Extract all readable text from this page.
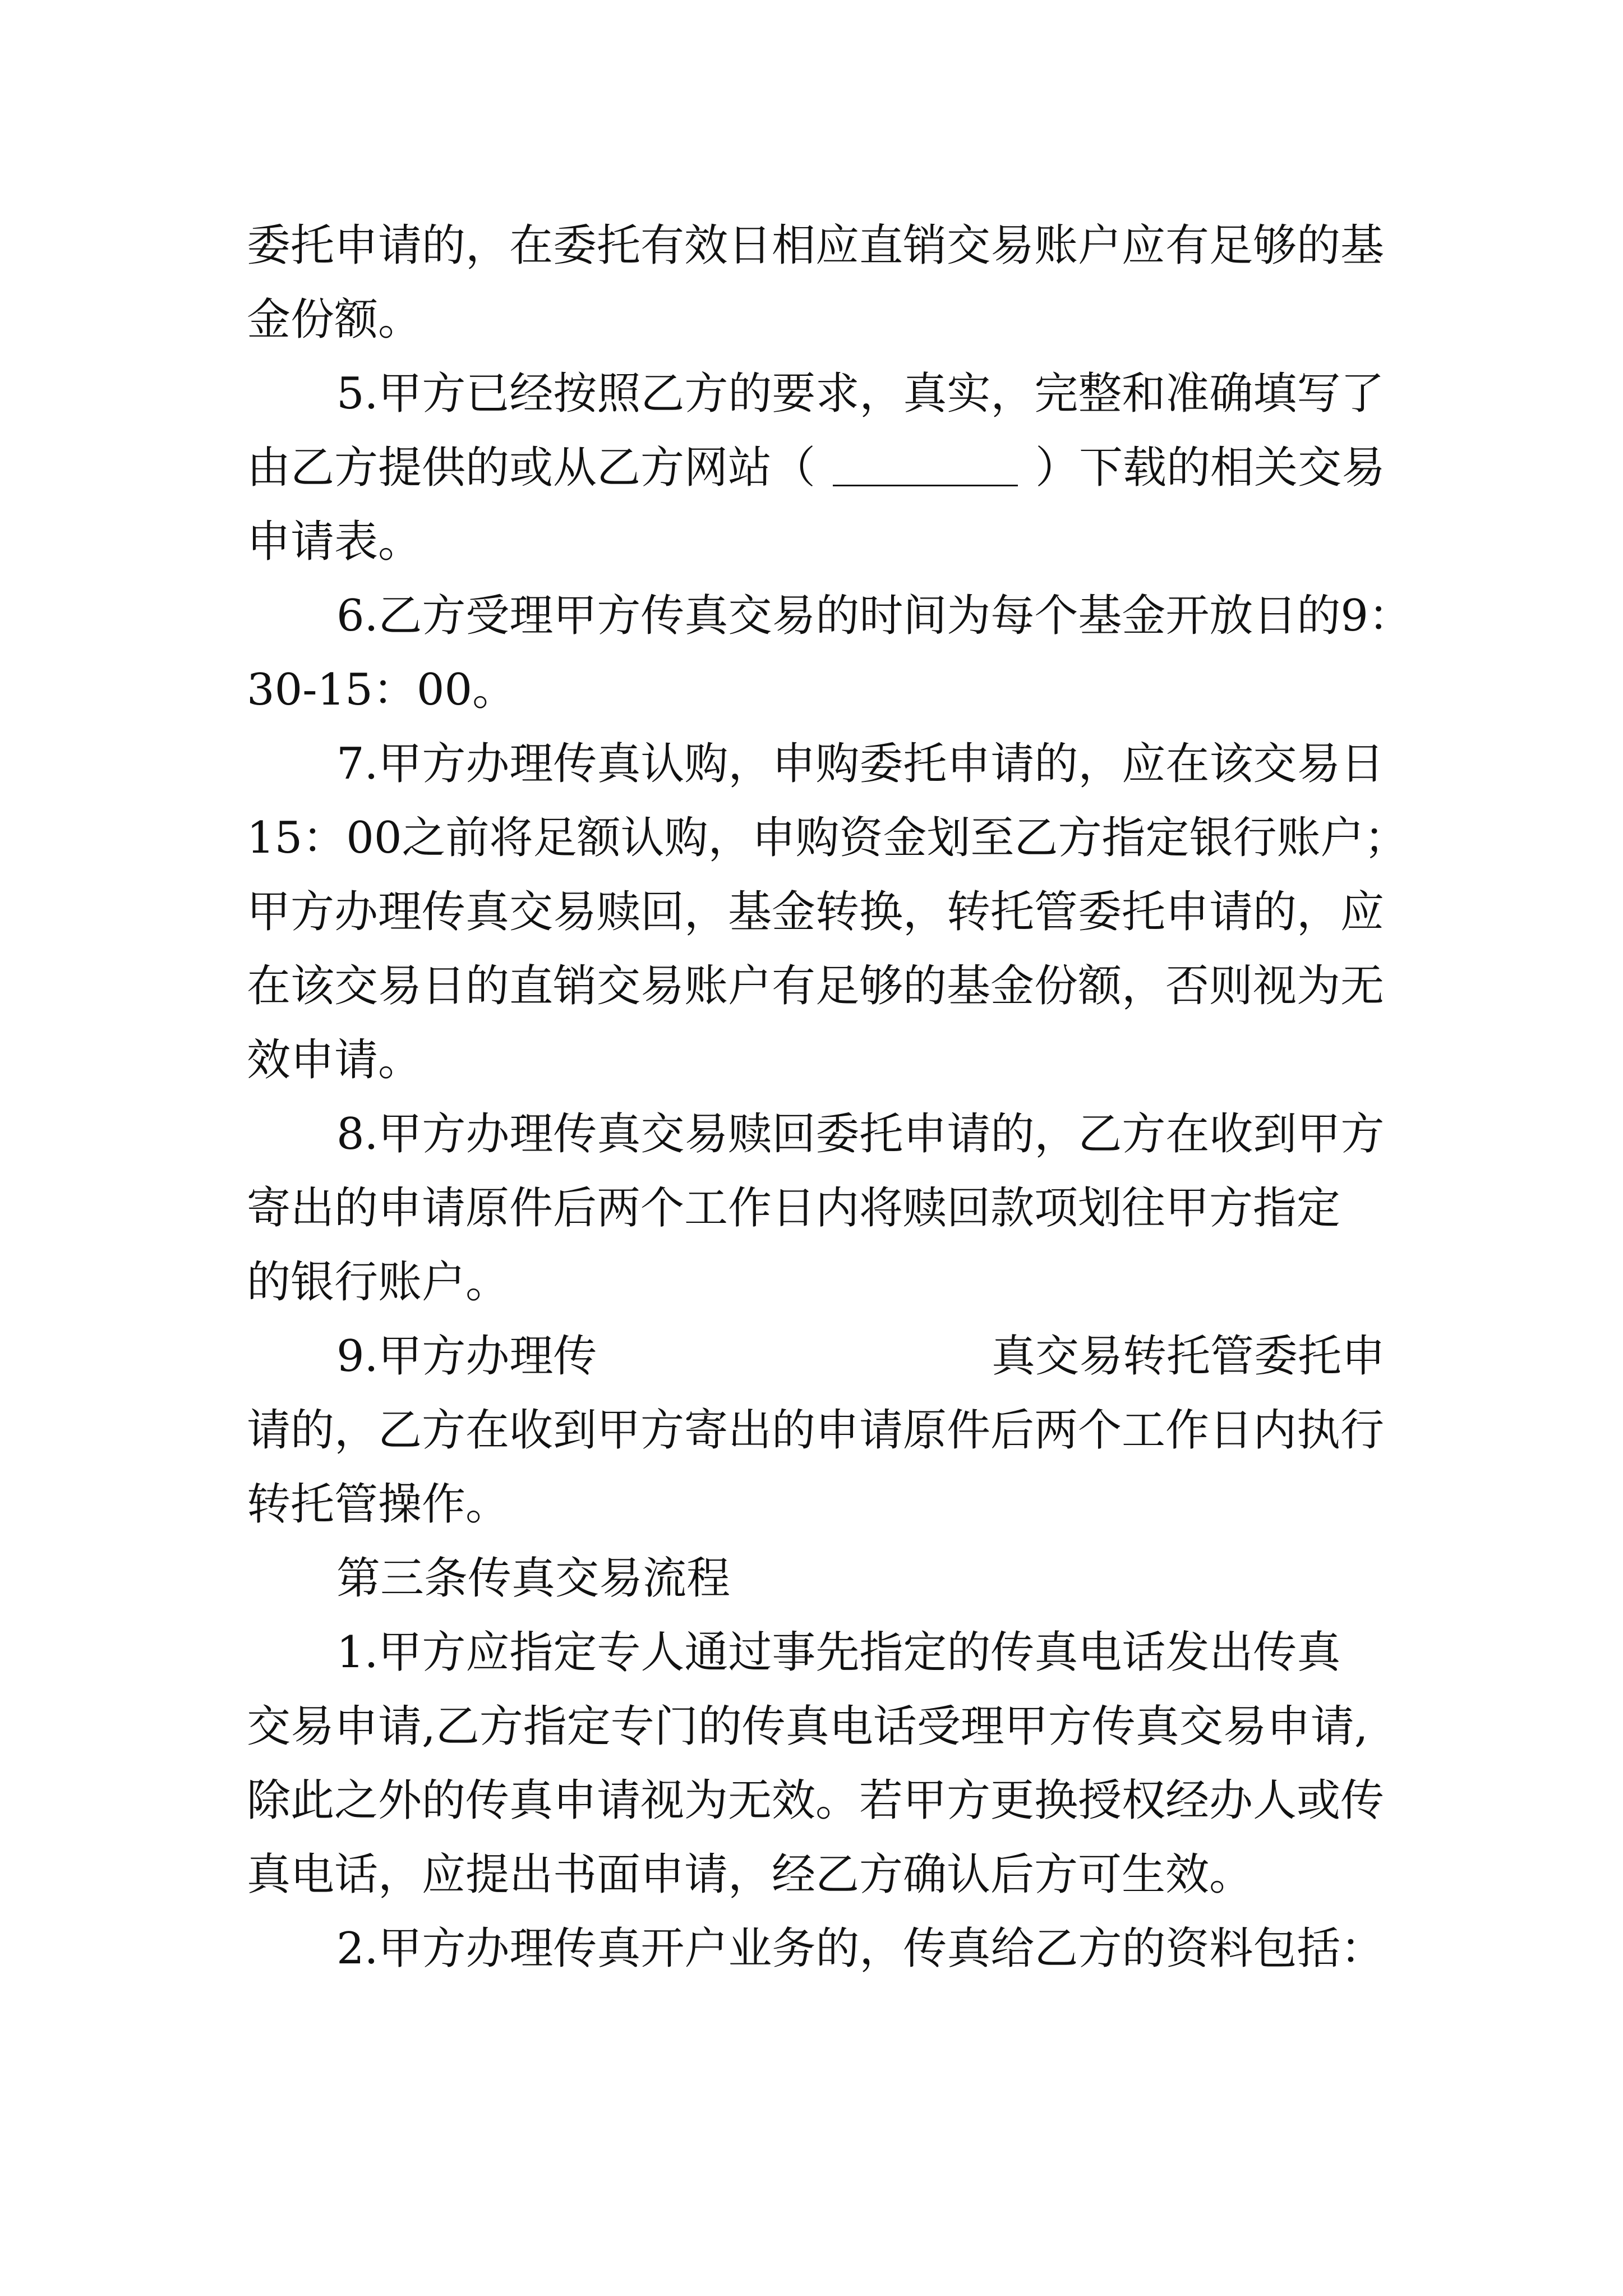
委托申请的，在委托有效日相应直销交易账户应有足够的基
金份额。
5.甲方已经按照乙方的要求，真实，完整和准确填写了
由乙方提供的或从乙方网站（	）下载的相关交易
申请表。
6.乙方受理甲方传真交易的时间为每个基金开放日的9：
30-15：00。
7.甲方办理传真认购，申购委托申请的，应在该交易日
15：00之前将足额认购，申购资金划至乙方指定银行账户；
甲方办理传真交易赎回，基金转换，转托管委托申请的，应
在该交易日的直销交易账户有足够的基金份额，否则视为无
效申请。
8.甲方办理传真交易赎回委托申请的，乙方在收到甲方
寄出的申请原件后两个工作日内将赎回款项划往甲方指定
的银行账户。
9.甲方办理传	真交易转托管委托申
请的，乙方在收到甲方寄出的申请原件后两个工作日内执行
转托管操作。
第三条传真交易流程
1.甲方应指定专人通过事先指定的传真电话发出传真
交易申请,乙方指定专门的传真电话受理甲方传真交易申请,
除此之外的传真申请视为无效。若甲方更换授权经办人或传
真电话，应提出书面申请，经乙方确认后方可生效。
2.甲方办理传真开户业务的，传真给乙方的资料包括：
